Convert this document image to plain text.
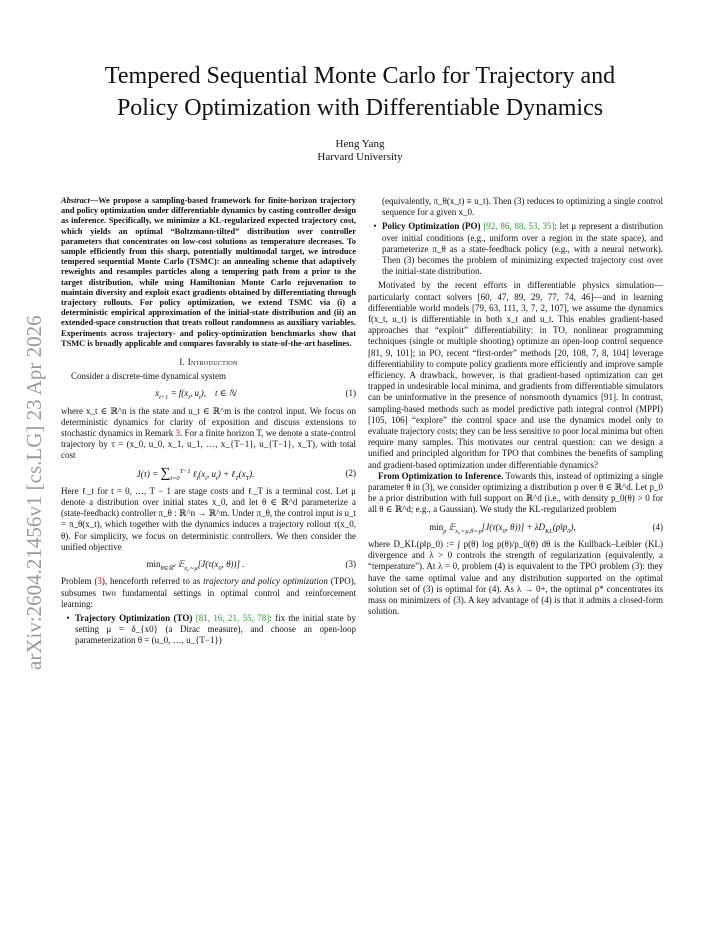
arXiv:2604.21456v1 [cs.LG] 23 Apr 2026
Tempered Sequential Monte Carlo for Trajectory and
Policy Optimization with Differentiable Dynamics
Heng Yang
Harvard University

Abstract—We propose a sampling-based framework for finite-horizon trajectory and policy optimization under differentiable dynamics by casting controller design as inference. Specifically, we minimize a KL-regularized expected trajectory cost, which yields an optimal “Boltzmann-tilted” distribution over controller parameters that concentrates on low-cost solutions as temperature decreases. To sample efficiently from this sharp, potentially multimodal target, we introduce tempered sequential Monte Carlo (TSMC): an annealing scheme that adaptively reweights and resamples particles along a tempering path from a prior to the target distribution, while using Hamiltonian Monte Carlo rejuvenation to maintain diversity and exploit exact gradients obtained by differentiating through trajectory rollouts. For policy optimization, we extend TSMC via (i) a deterministic empirical approximation of the initial-state distribution and (ii) an extended-space construction that treats rollout randomness as auxiliary variables. Experiments across trajectory- and policy-optimization benchmarks show that TSMC is broadly applicable and compares favorably to state-of-the-art baselines.

I. Introduction

Consider a discrete-time dynamical system

$x_{t+1} = f(x_t$, $u_t$),    t ∈ ℕ	(1)

where x_t ∈ ℝ^n is the state and u_t ∈ ℝ^m is the control input. We focus on deterministic dynamics for clarity of exposition and discuss extensions to stochastic dynamics in Remark 3. For a finite horizon T, we denote a state-control trajectory by τ = (x_0, u_0, x_1, u_1, …, x_{T−1}, u_{T−1}, x_T), with total cost

$J(\tau) = \sum_{t=0}^{T-1}$ $\ell_t(x_t$, $u_t$) + $\ell_T(x_T)$.	(2)

Here ℓ_t for t = 0, …, T − 1 are stage costs and ℓ_T is a terminal cost. Let μ denote a distribution over initial states x_0, and let θ ∈ ℝ^d parameterize a (state-feedback) controller π_θ : ℝ^n → ℝ^m. Under π_θ, the control input is u_t = π_θ(x_t), which together with the dynamics induces a trajectory rollout τ(x_0, θ). For simplicity, we focus on deterministic controllers. We then consider the unified objective

$\min_{\theta\in ℝ^d}$ $𝔼_{x_0\sim\mu}[J(\tau(x_0$, θ))] .	(3)

Problem (3), henceforth referred to as trajectory and policy optimization (TPO), subsumes two fundamental settings in optimal control and reinforcement learning:

• Trajectory Optimization (TO) [81, 16, 21, 55, 78]: fix the initial state by setting μ = δ_{x0} (a Dirac measure), and choose an open-loop parameterization θ = (u_0, …, u_{T−1})

(equivalently, π_θ(x_t) ≡ u_t). Then (3) reduces to optimizing a single control sequence for a given x_0.

• Policy Optimization (PO) [92, 86, 88, 53, 35]: let μ represent a distribution over initial conditions (e.g., uniform over a region in the state space), and parameterize π_θ as a state-feedback policy (e.g., with a neural network). Then (3) becomes the problem of minimizing expected trajectory cost over the initial-state distribution.

Motivated by the recent efforts in differentiable physics simulation—particularly contact solvers [60, 47, 89, 29, 77, 74, 46]—and in learning differentiable world models [79, 63, 111, 3, 7, 2, 107], we assume the dynamics f(x_t, u_t) is differentiable in both x_t and u_t. This enables gradient-based approaches that “exploit” differentiability: in TO, nonlinear programming techniques (single or multiple shooting) optimize an open-loop control sequence [81, 9, 101]; in PO, recent “first-order” methods [20, 108, 7, 8, 104] leverage differentiability to compute policy gradients more efficiently and improve sample efficiency. A drawback, however, is that gradient-based optimization can get trapped in undesirable local minima, and gradients from differentiable simulators can be uninformative in the presence of nonsmooth dynamics [91]. In contrast, sampling-based methods such as model predictive path integral control (MPPI) [105, 106] “explore” the control space and use the dynamics model only to evaluate trajectory costs; they can be less sensitive to poor local minima but often require many samples. This motivates our central question: can we design a unified and principled algorithm for TPO that combines the benefits of sampling and gradient-based optimization under differentiable dynamics?

From Optimization to Inference. Towards this, instead of optimizing a single parameter θ in (3), we consider optimizing a distribution p over θ ∈ ℝ^d. Let p_0 be a prior distribution with full support on ℝ^d (i.e., with density p_0(θ) > 0 for all θ ∈ ℝ^d; e.g., a Gaussian). We study the KL-regularized problem

$\min_p$ $𝔼_{x_0\sim\mu,\theta\sim p}[J(\tau(x_0$, $\theta))] + \lambda D_{KL}(p‖p_0)$,	(4)

where D_KL(p‖p_0) := ∫ p(θ) log p(θ)/p_0(θ) dθ is the Kullback–Leibler (KL) divergence and λ > 0 controls the strength of regularization (equivalently, a “temperature”). At λ = 0, problem (4) is equivalent to the TPO problem (3): they have the same optimal value and any distribution supported on the optimal solution set of (3) is optimal for (4). As λ → 0+, the optimal p* concentrates its mass on minimizers of (3). A key advantage of (4) is that it admits a closed-form solution.
